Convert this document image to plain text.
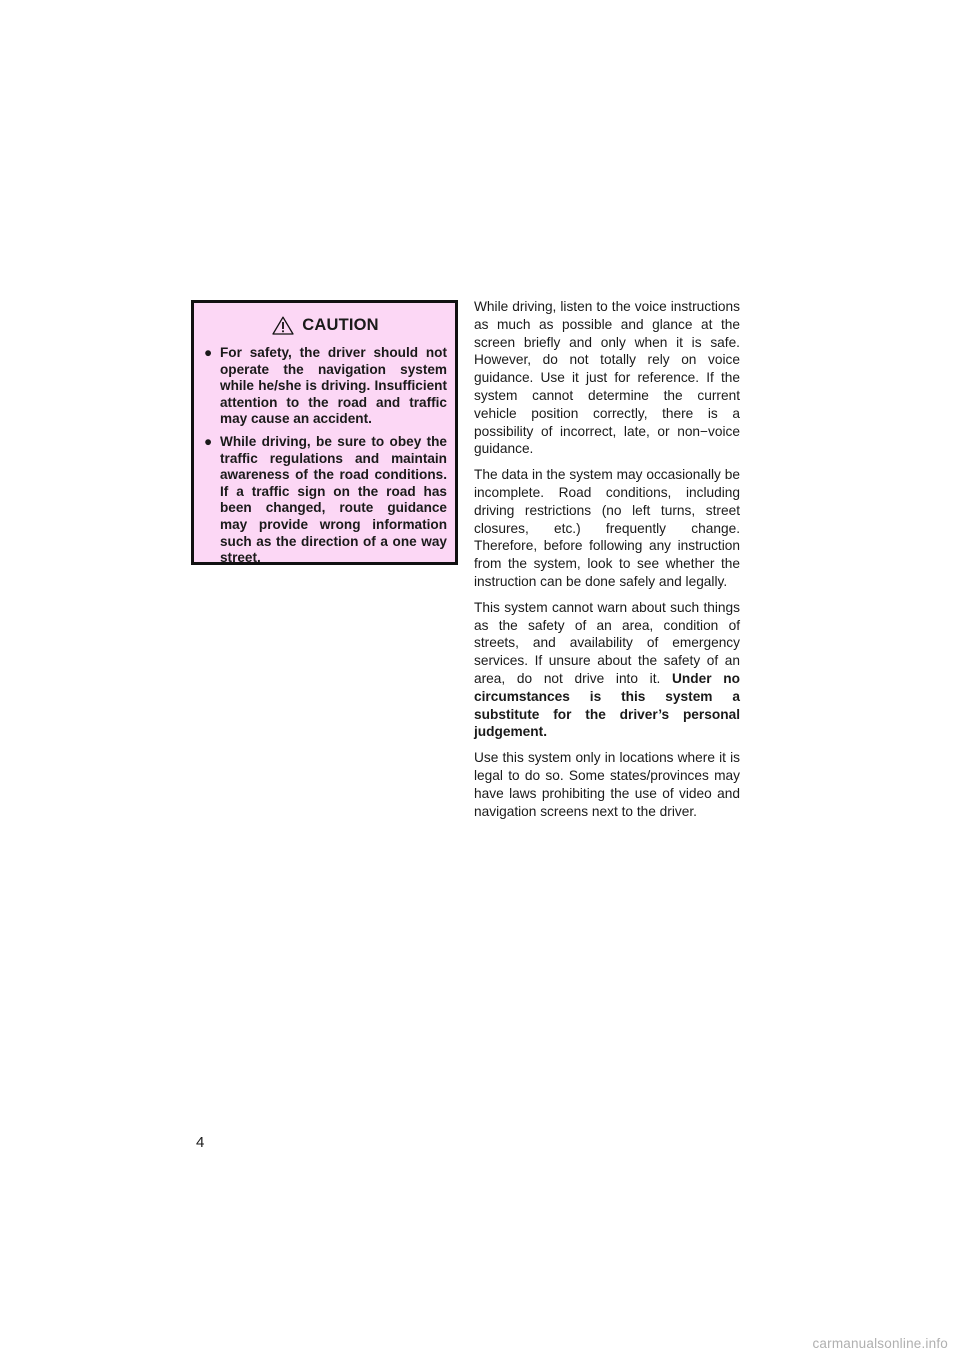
CAUTION
● For safety, the driver should not operate the navigation system while he/she is driving. Insufficient attention to the road and traffic may cause an accident.
● While driving, be sure to obey the traffic regulations and maintain awareness of the road conditions. If a traffic sign on the road has been changed, route guidance may provide wrong information such as the direction of a one way street.

While driving, listen to the voice instructions as much as possible and glance at the screen briefly and only when it is safe. However, do not totally rely on voice guidance. Use it just for reference. If the system cannot determine the current vehicle position correctly, there is a possibility of incorrect, late, or non−voice guidance.

The data in the system may occasionally be incomplete. Road conditions, including driving restrictions (no left turns, street closures, etc.) frequently change. Therefore, before following any instruction from the system, look to see whether the instruction can be done safely and legally.

This system cannot warn about such things as the safety of an area, condition of streets, and availability of emergency services. If unsure about the safety of an area, do not drive into it. Under no circumstances is this system a substitute for the driver’s personal judgement.

Use this system only in locations where it is legal to do so. Some states/provinces may have laws prohibiting the use of video and navigation screens next to the driver.

4
carmanualsonline.info
